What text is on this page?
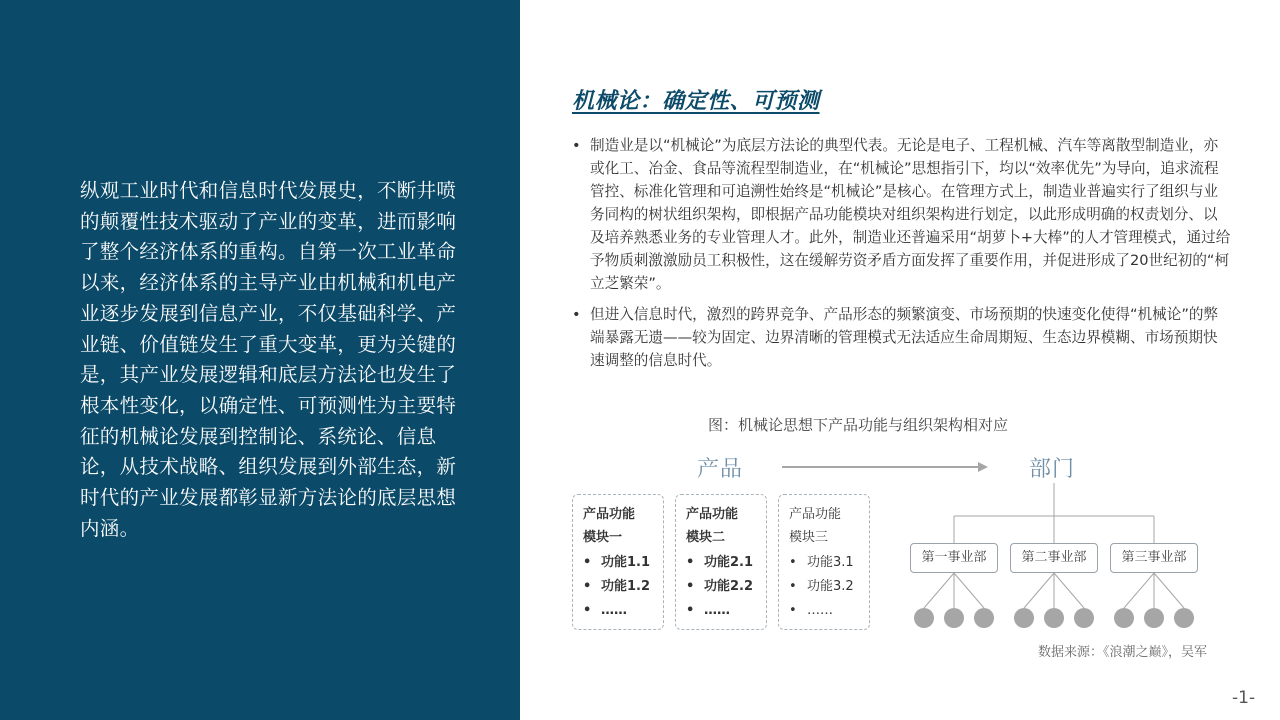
纵观工业时代和信息时代发展史，不断井喷的颠覆性技术驱动了产业的变革，进而影响了整个经济体系的重构。自第一次工业革命以来，经济体系的主导产业由机械和机电产业逐步发展到信息产业，不仅基础科学、产业链、价值链发生了重大变革，更为关键的是，其产业发展逻辑和底层方法论也发生了根本性变化，以确定性、可预测性为主要特征的机械论发展到控制论、系统论、信息论，从技术战略、组织发展到外部生态，新时代的产业发展都彰显新方法论的底层思想内涵。
机械论：确定性、可预测
• 制造业是以“机械论”为底层方法论的典型代表。无论是电子、工程机械、汽车等离散型制造业，亦或化工、冶金、食品等流程型制造业，在“机械论”思想指引下，均以“效率优先”为导向，追求流程管控、标准化管理和可追溯性始终是“机械论”是核心。在管理方式上，制造业普遍实行了组织与业务同构的树状组织架构，即根据产品功能模块对组织架构进行划定，以此形成明确的权责划分、以及培养熟悉业务的专业管理人才。此外，制造业还普遍采用“胡萝卜+大棒”的人才管理模式，通过给予物质刺激激励员工积极性，这在缓解劳资矛盾方面发挥了重要作用，并促进形成了20世纪初的“柯立芝繁荣”。
• 但进入信息时代，激烈的跨界竞争、产品形态的频繁演变、市场预期的快速变化使得“机械论”的弊端暴露无遗——较为固定、边界清晰的管理模式无法适应生命周期短、生态边界模糊、市场预期快速调整的信息时代。
图：机械论思想下产品功能与组织架构相对应
产品	部门
产品功能
模块一
• 功能1.1
• 功能1.2
• ……
产品功能
模块二
• 功能2.1
• 功能2.2
• ……
产品功能
模块三
• 功能3.1
• 功能3.2
• ……
第一事业部	第二事业部	第三事业部
数据来源：《浪潮之巅》，吴军
-1-
